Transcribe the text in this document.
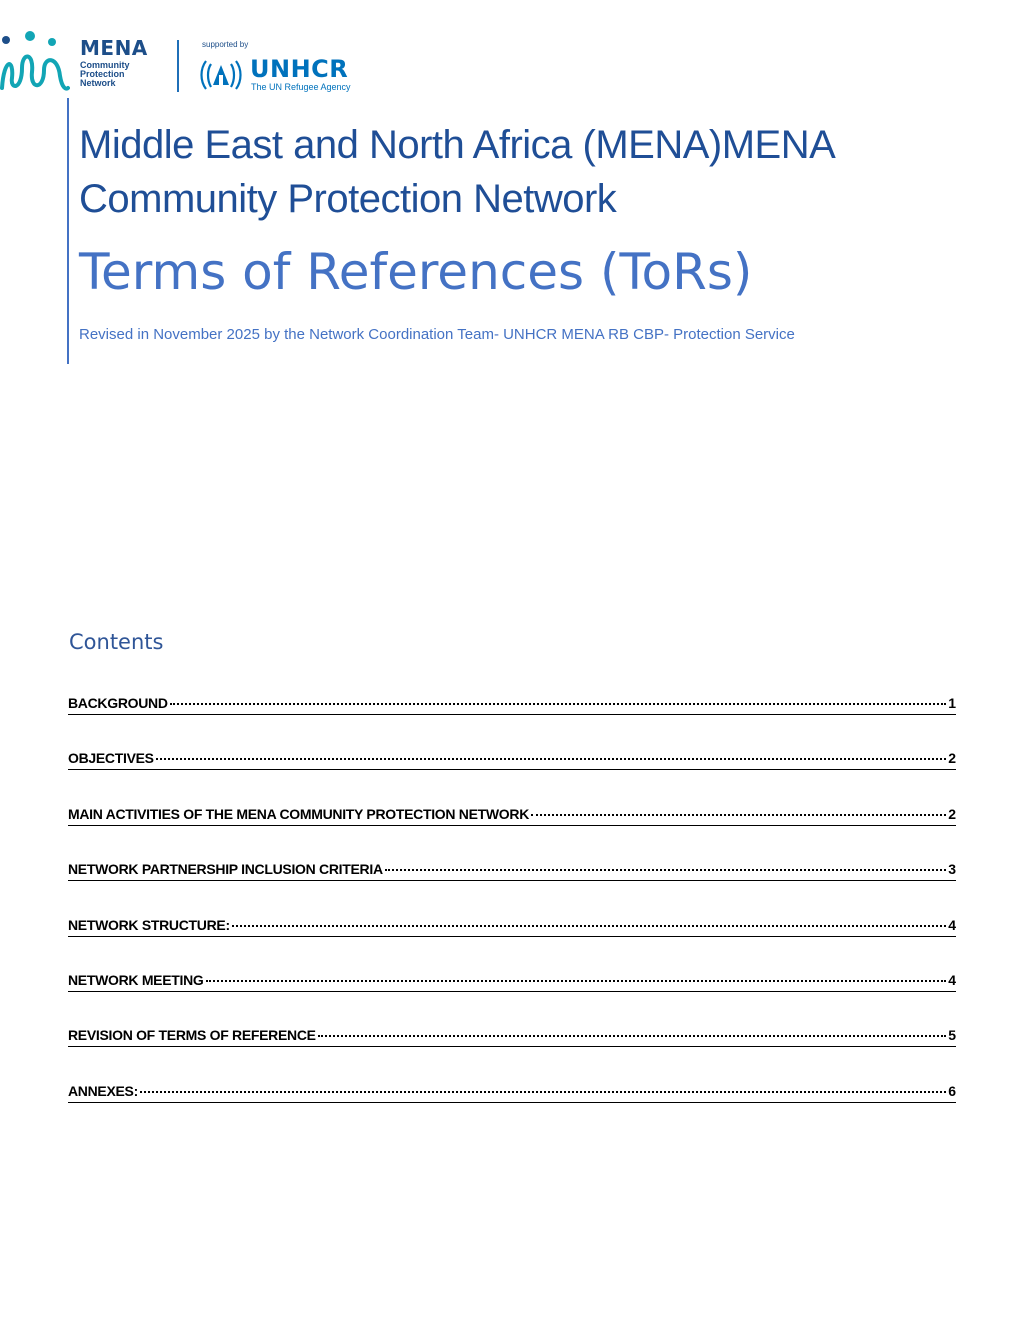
MENA
Community
Protection
Network
supported by
UNHCR
The UN Refugee Agency
Middle East and North Africa (MENA)MENA
Community Protection Network
Terms of References (ToRs)
Revised in November 2025 by the Network Coordination Team- UNHCR MENA RB CBP- Protection Service
Contents
BACKGROUND	1
OBJECTIVES	2
MAIN ACTIVITIES OF THE MENA COMMUNITY PROTECTION NETWORK	2
NETWORK PARTNERSHIP INCLUSION CRITERIA	3
NETWORK STRUCTURE:	4
NETWORK MEETING	4
REVISION OF TERMS OF REFERENCE	5
ANNEXES:	6
